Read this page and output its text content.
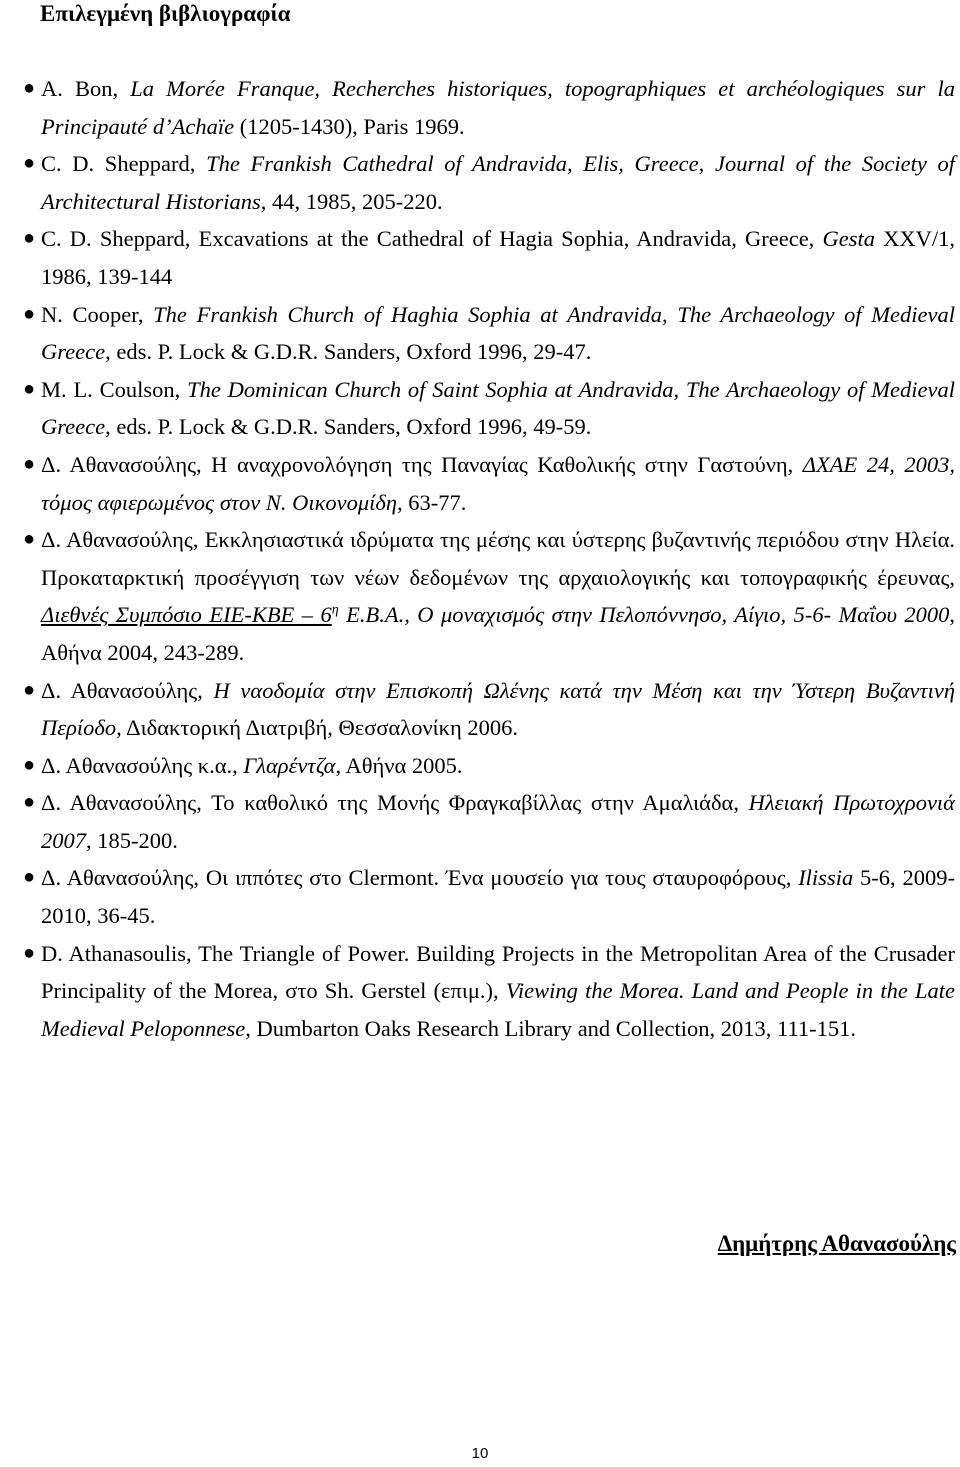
Επιλεγμένη βιβλιογραφία
● A. Bon, La Morée Franque, Recherches historiques, topographiques et archéologiques sur la Principauté d’Achaïe (1205-1430), Paris 1969.
● C. D. Sheppard, The Frankish Cathedral of Andravida, Elis, Greece, Journal of the Society of Architectural Historians, 44, 1985, 205-220.
● C. D. Sheppard, Excavations at the Cathedral of Hagia Sophia, Andravida, Greece, Gesta XXV/1, 1986, 139-144
● N. Cooper, The Frankish Church of Haghia Sophia at Andravida, The Archaeology of Medieval Greece, eds. P. Lock & G.D.R. Sanders, Oxford 1996, 29-47.
● M. L. Coulson, The Dominican Church of Saint Sophia at Andravida, The Archaeology of Medieval Greece, eds. P. Lock & G.D.R. Sanders, Oxford 1996, 49-59.
● Δ. Αθανασούλης, Η αναχρονολόγηση της Παναγίας Καθολικής στην Γαστούνη, ΔΧΑΕ 24, 2003, τόμος αφιερωμένος στον Ν. Οικονομίδη, 63-77.
● Δ. Αθανασούλης, Εκκλησιαστικά ιδρύματα της μέσης και ύστερης βυζαντινής περιόδου στην Ηλεία. Προκαταρκτική προσέγγιση των νέων δεδομένων της αρχαιολογικής και τοπογραφικής έρευνας, Διεθνές Συμπόσιο $EIE-KBE - 6^\eta$ Ε.Β.Α., Ο μοναχισμός στην Πελοπόννησο, Αίγιο, 5-6- Μαΐου 2000, Αθήνα 2004, 243-289.
● Δ. Αθανασούλης, Η ναοδομία στην Επισκοπή Ωλένης κατά την Μέση και την Ύστερη Βυζαντινή Περίοδο, Διδακτορική Διατριβή, Θεσσαλονίκη 2006.
● Δ. Αθανασούλης κ.α., Γλαρέντζα, Αθήνα 2005.
● Δ. Αθανασούλης, Το καθολικό της Μονής Φραγκαβίλλας στην Αμαλιάδα, Ηλειακή Πρωτοχρονιά 2007, 185-200.
● Δ. Αθανασούλης, Οι ιππότες στο Clermont. Ένα μουσείο για τους σταυροφόρους, Ilissia 5-6, 2009-2010, 36-45.
● D. Athanasoulis, The Triangle of Power. Building Projects in the Metropolitan Area of the Crusader Principality of the Morea, στο Sh. Gerstel (επιμ.), Viewing the Morea. Land and People in the Late Medieval Peloponnese, Dumbarton Oaks Research Library and Collection, 2013, 111-151.

Δημήτρης Αθανασούλης

10
